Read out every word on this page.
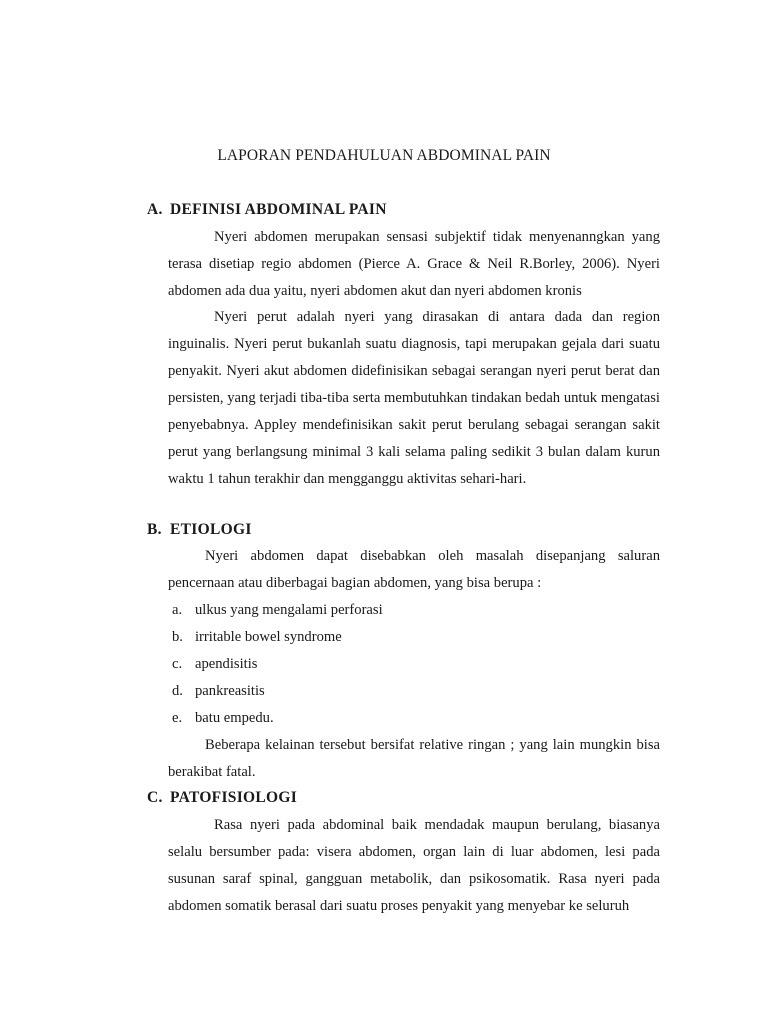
LAPORAN PENDAHULUAN ABDOMINAL PAIN
A. DEFINISI ABDOMINAL PAIN

Nyeri abdomen merupakan sensasi subjektif tidak menyenanngkan yang terasa disetiap regio abdomen (Pierce A. Grace & Neil R.Borley, 2006). Nyeri abdomen ada dua yaitu, nyeri abdomen akut dan nyeri abdomen kronis

Nyeri perut adalah nyeri yang dirasakan di antara dada dan region inguinalis. Nyeri perut bukanlah suatu diagnosis, tapi merupakan gejala dari suatu penyakit. Nyeri akut abdomen didefinisikan sebagai serangan nyeri perut berat dan persisten, yang terjadi tiba-tiba serta membutuhkan tindakan bedah untuk mengatasi penyebabnya. Appley mendefinisikan sakit perut berulang sebagai serangan sakit perut yang berlangsung minimal 3 kali selama paling sedikit 3 bulan dalam kurun waktu 1 tahun terakhir dan mengganggu aktivitas sehari-hari.

B. ETIOLOGI

Nyeri abdomen dapat disebabkan oleh masalah disepanjang saluran pencernaan atau diberbagai bagian abdomen, yang bisa berupa :

a. ulkus yang mengalami perforasi
b. irritable bowel syndrome
c. apendisitis
d. pankreasitis
e. batu empedu.

Beberapa kelainan tersebut bersifat relative ringan ; yang lain mungkin bisa berakibat fatal.

C. PATOFISIOLOGI

Rasa nyeri pada abdominal baik mendadak maupun berulang, biasanya selalu bersumber pada: visera abdomen, organ lain di luar abdomen, lesi pada susunan saraf spinal, gangguan metabolik, dan psikosomatik. Rasa nyeri pada abdomen somatik berasal dari suatu proses penyakit yang menyebar ke seluruh
